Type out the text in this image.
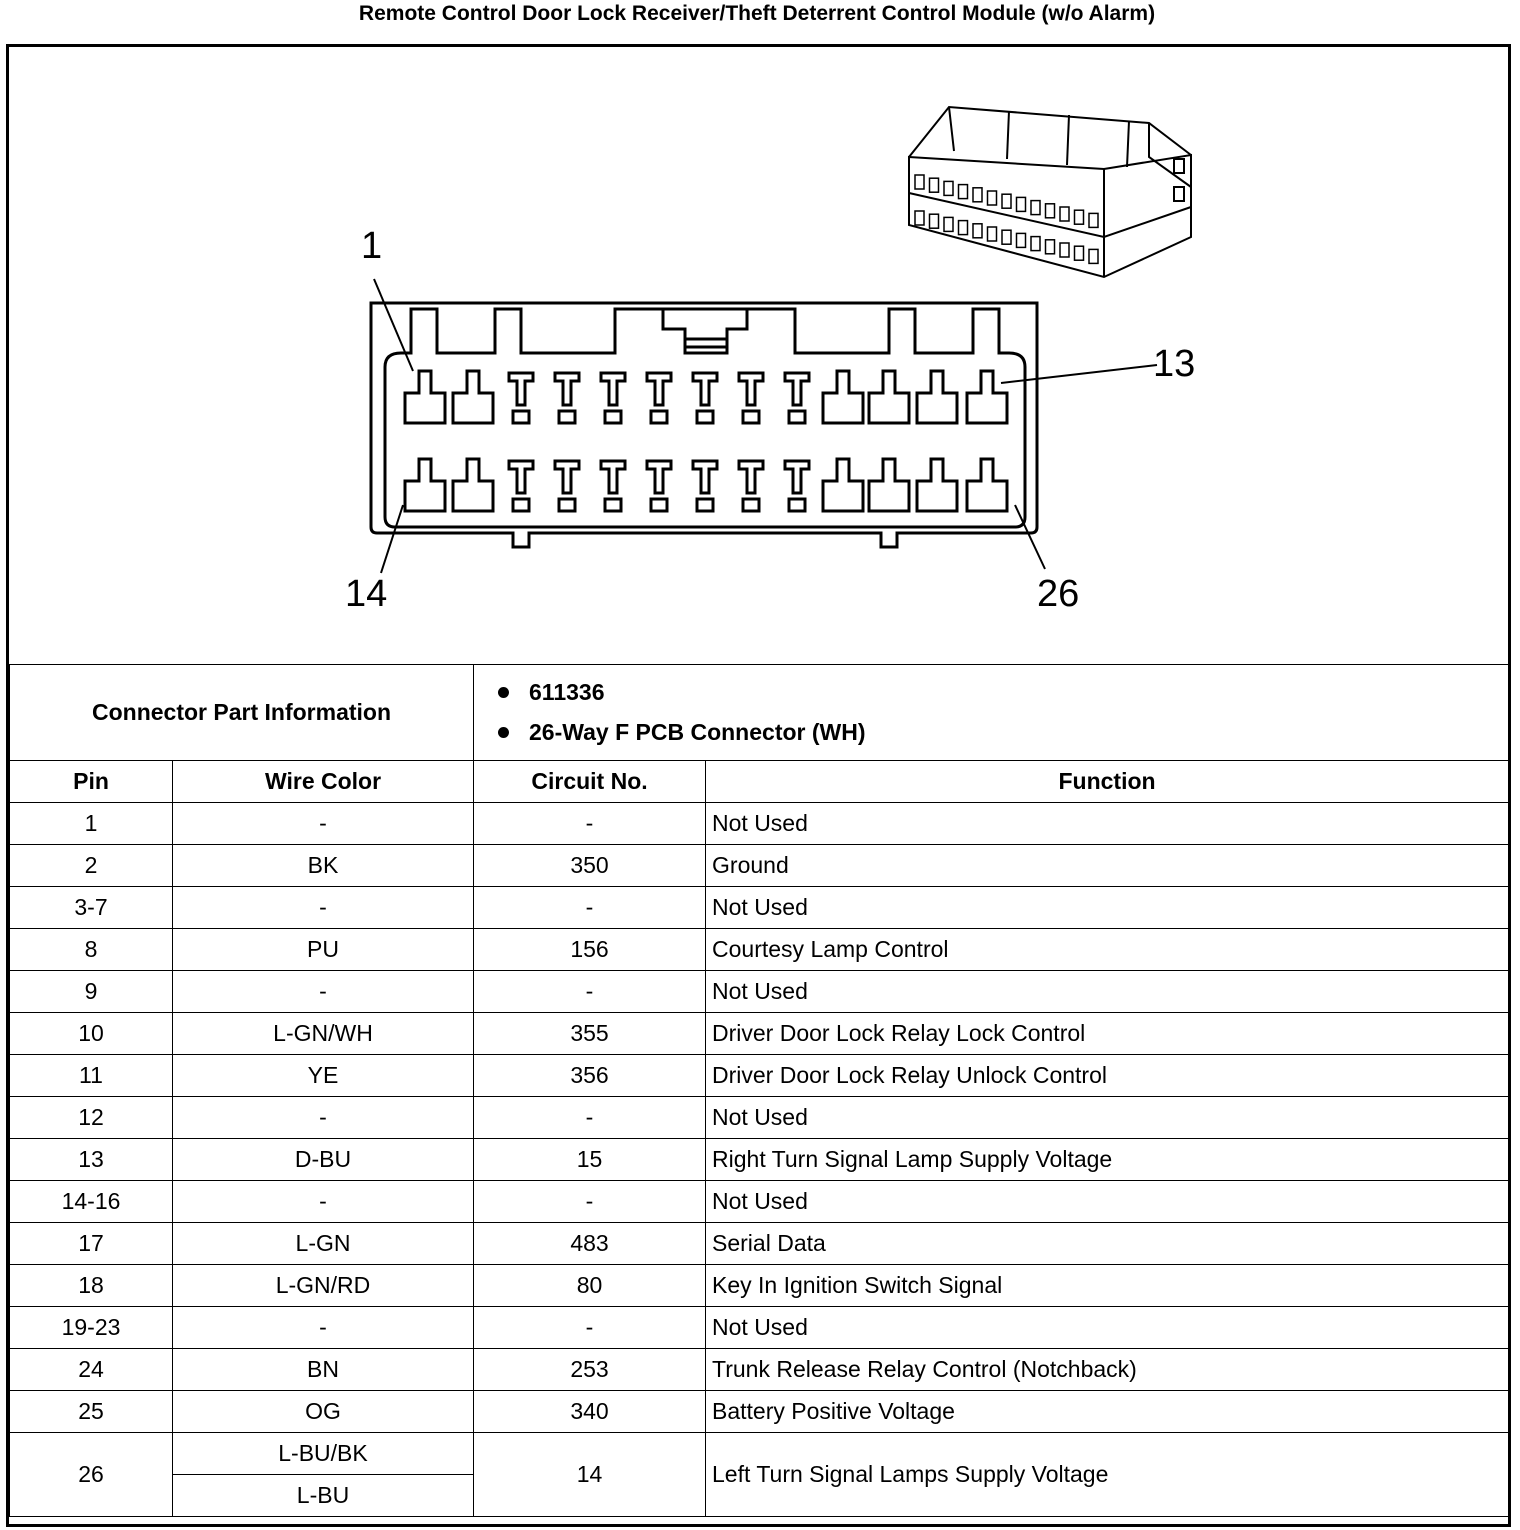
Remote Control Door Lock Receiver/Theft Deterrent Control Module (w/o Alarm)
1
13
14	26
Connector Part Information		611336
26-Way F PCB Connector (WH)	

Pin	Wire Color	Circuit No.	Function
1	-	-	Not Used
2	BK	350	Ground
3-7	-	-	Not Used
8	PU	156	Courtesy Lamp Control
9	-	-	Not Used
10	L-GN/WH	355	Driver Door Lock Relay Lock Control
11	YE	356	Driver Door Lock Relay Unlock Control
12	-	-	Not Used
13	D-BU	15	Right Turn Signal Lamp Supply Voltage
14-16	-	-	Not Used
17	L-GN	483	Serial Data
18	L-GN/RD	80	Key In Ignition Switch Signal
19-23	-	-	Not Used
24	BN	253	Trunk Release Relay Control (Notchback)
25	OG	340	Battery Positive Voltage
26	L-BU/BK	14	Left Turn Signal Lamps Supply Voltage
	L-BU		
